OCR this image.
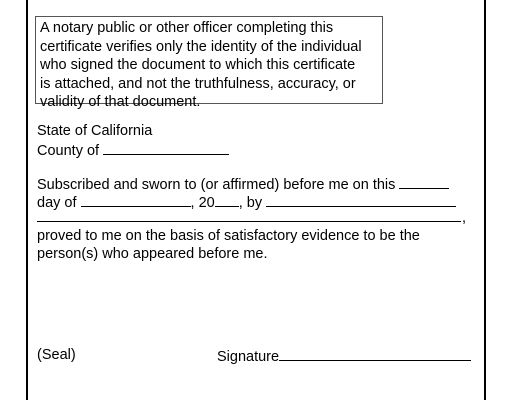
A notary public or other officer completing this
certificate verifies only the identity of the individual
who signed the document to which this certificate
is attached, and not the truthfulness, accuracy, or
validity of that document.
State of California
County of
Subscribed and sworn to (or affirmed) before me on this
day of	, 20 , by
,
proved to me on the basis of satisfactory evidence to be the
person(s) who appeared before me.
(Seal)	Signature
